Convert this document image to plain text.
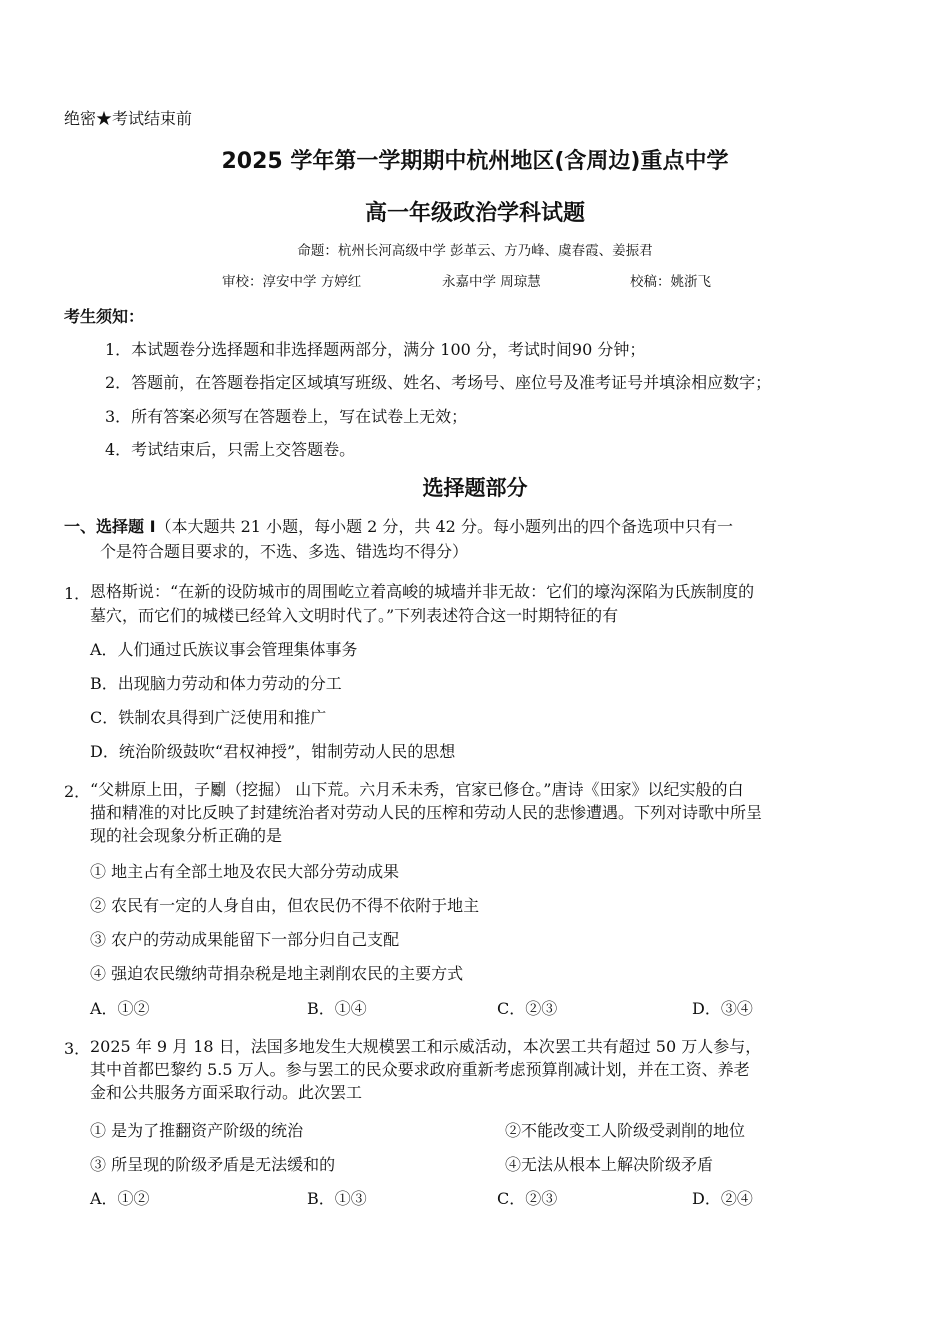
绝密★考试结束前
2025 学年第一学期期中杭州地区(含周边)重点中学
高一年级政治学科试题
命题：杭州长河高级中学 彭革云、方乃峰、虞春霞、姜振君
审校：淳安中学 方婷红	永嘉中学 周琼慧	校稿：姚浙飞
考生须知：
1．本试题卷分选择题和非选择题两部分，满分 100 分，考试时间90 分钟；
2．答题前，在答题卷指定区域填写班级、姓名、考场号、座位号及准考证号并填涂相应数字；
3．所有答案必须写在答题卷上，写在试卷上无效；
4．考试结束后，只需上交答题卷。
选择题部分
一、选择题 Ⅰ（本大题共 21 小题，每小题 2 分，共 42 分。每小题列出的四个备选项中只有一
个是符合题目要求的，不选、多选、错选均不得分）
1． 恩格斯说：“在新的设防城市的周围屹立着高峻的城墙并非无故：它们的壕沟深陷为氏族制度的
墓穴，而它们的城楼已经耸入文明时代了。”下列表述符合这一时期特征的有
A．人们通过氏族议事会管理集体事务
B．出现脑力劳动和体力劳动的分工
C．铁制农具得到广泛使用和推广
D．统治阶级鼓吹“君权神授”，钳制劳动人民的思想
2． “父耕原上田，子劚（挖掘） 山下荒。六月禾未秀，官家已修仓。”唐诗《田家》以纪实般的白
描和精准的对比反映了封建统治者对劳动人民的压榨和劳动人民的悲惨遭遇。下列对诗歌中所呈
现的社会现象分析正确的是
① 地主占有全部土地及农民大部分劳动成果
② 农民有一定的人身自由，但农民仍不得不依附于地主
③ 农户的劳动成果能留下一部分归自己支配
④ 强迫农民缴纳苛捐杂税是地主剥削农民的主要方式
A．①②	B．①④	C．②③	D．③④
3． 2025 年 9 月 18 日，法国多地发生大规模罢工和示威活动，本次罢工共有超过 50 万人参与，
其中首都巴黎约 5.5 万人。参与罢工的民众要求政府重新考虑预算削减计划，并在工资、养老
金和公共服务方面采取行动。此次罢工
① 是为了推翻资产阶级的统治	②不能改变工人阶级受剥削的地位
③ 所呈现的阶级矛盾是无法缓和的	④无法从根本上解决阶级矛盾
A．①②	B．①③	C．②③	D．②④
